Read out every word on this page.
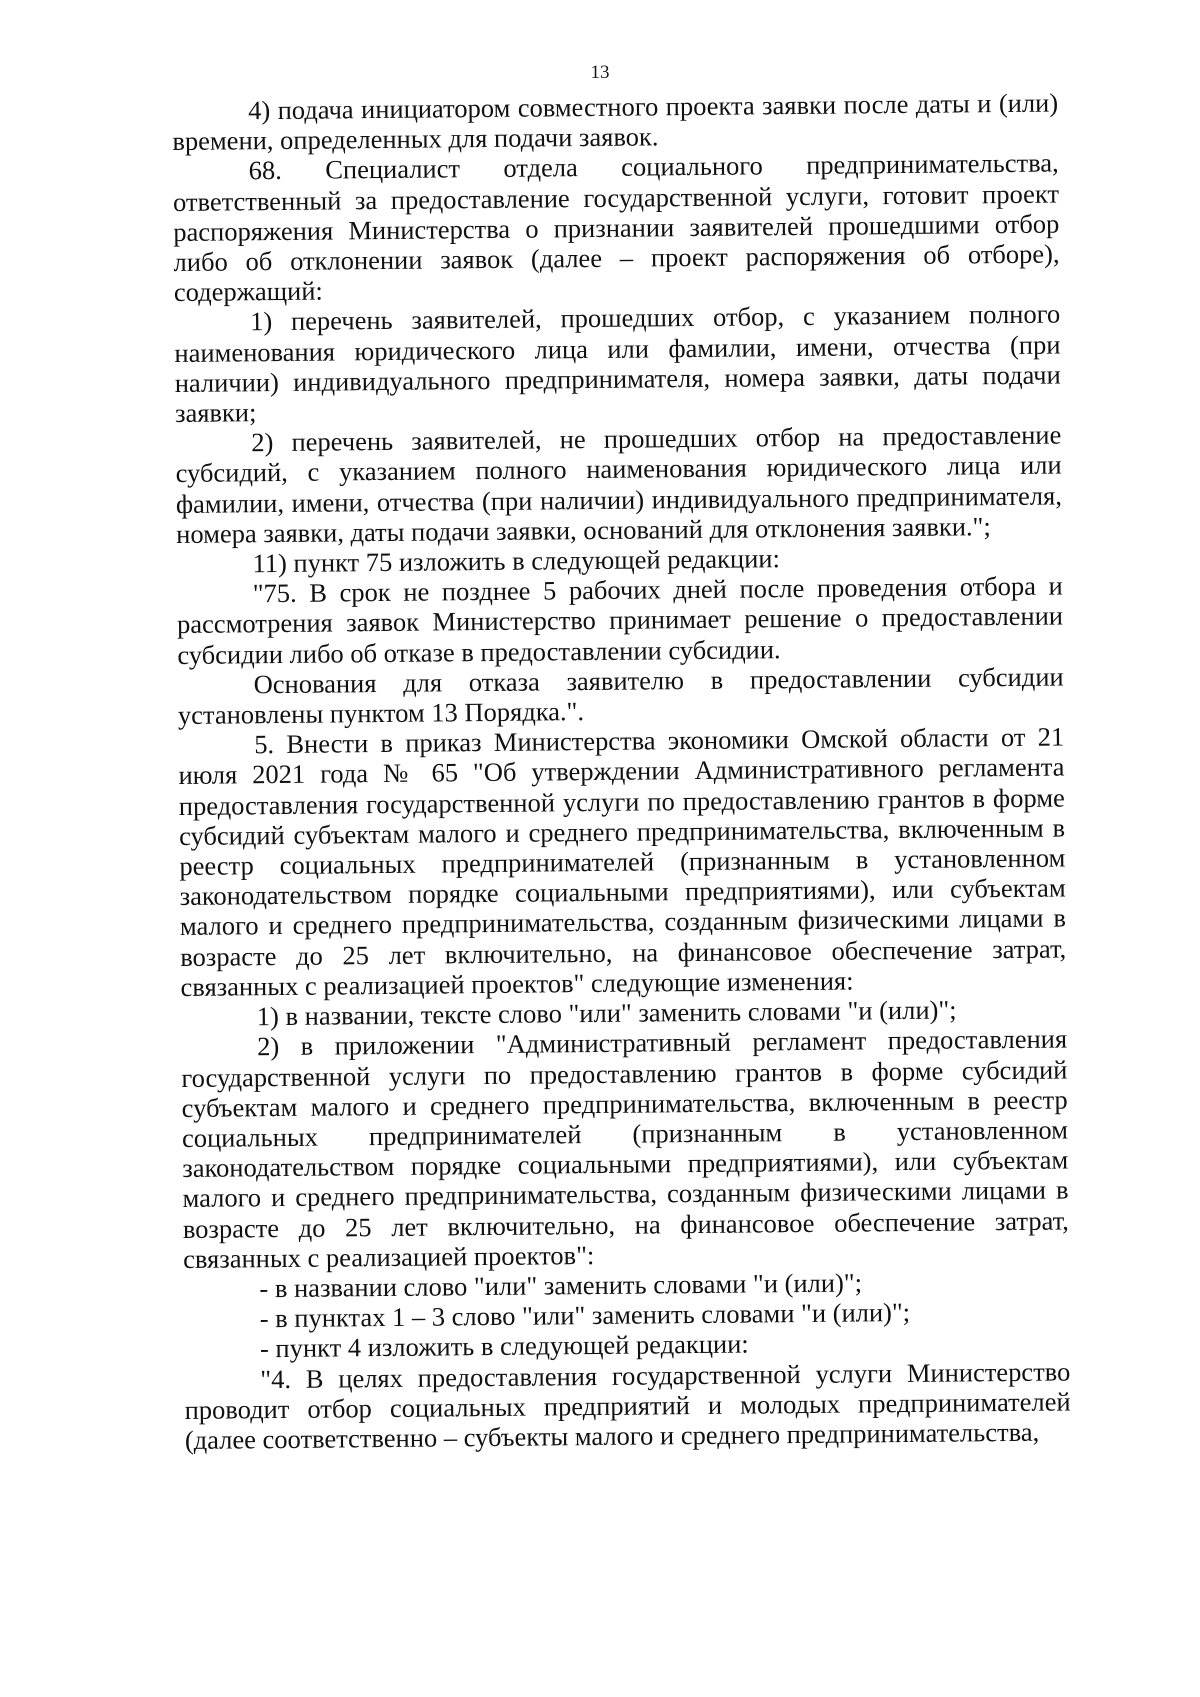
13

4) подача инициатором совместного проекта заявки после даты и (или) времени, определенных для подачи заявок.

68. Специалист отдела социального предпринимательства, ответственный за предоставление государственной услуги, готовит проект распоряжения Министерства о признании заявителей прошедшими отбор либо об отклонении заявок (далее – проект распоряжения об отборе), содержащий:

1) перечень заявителей, прошедших отбор, с указанием полного наименования юридического лица или фамилии, имени, отчества (при наличии) индивидуального предпринимателя, номера заявки, даты подачи заявки;

2) перечень заявителей, не прошедших отбор на предоставление субсидий, с указанием полного наименования юридического лица или фамилии, имени, отчества (при наличии) индивидуального предпринимателя, номера заявки, даты подачи заявки, оснований для отклонения заявки.";

11) пункт 75 изложить в следующей редакции:

"75. В срок не позднее 5 рабочих дней после проведения отбора и рассмотрения заявок Министерство принимает решение о предоставлении субсидии либо об отказе в предоставлении субсидии.

Основания для отказа заявителю в предоставлении субсидии установлены пунктом 13 Порядка.".

5. Внести в приказ Министерства экономики Омской области от 21 июля 2021 года № 65 "Об утверждении Административного регламента предоставления государственной услуги по предоставлению грантов в форме субсидий субъектам малого и среднего предпринимательства, включенным в реестр социальных предпринимателей (признанным в установленном законодательством порядке социальными предприятиями), или субъектам малого и среднего предпринимательства, созданным физическими лицами в возрасте до 25 лет включительно, на финансовое обеспечение затрат, связанных с реализацией проектов" следующие изменения:

1) в названии, тексте слово "или" заменить словами "и (или)";

2) в приложении "Административный регламент предоставления государственной услуги по предоставлению грантов в форме субсидий субъектам малого и среднего предпринимательства, включенным в реестр социальных предпринимателей (признанным в установленном законодательством порядке социальными предприятиями), или субъектам малого и среднего предпринимательства, созданным физическими лицами в возрасте до 25 лет включительно, на финансовое обеспечение затрат, связанных с реализацией проектов":

- в названии слово "или" заменить словами "и (или)";

- в пунктах 1 – 3 слово "или" заменить словами "и (или)";

- пункт 4 изложить в следующей редакции:

"4. В целях предоставления государственной услуги Министерство проводит отбор социальных предприятий и молодых предпринимателей (далее соответственно – субъекты малого и среднего предпринимательства,
